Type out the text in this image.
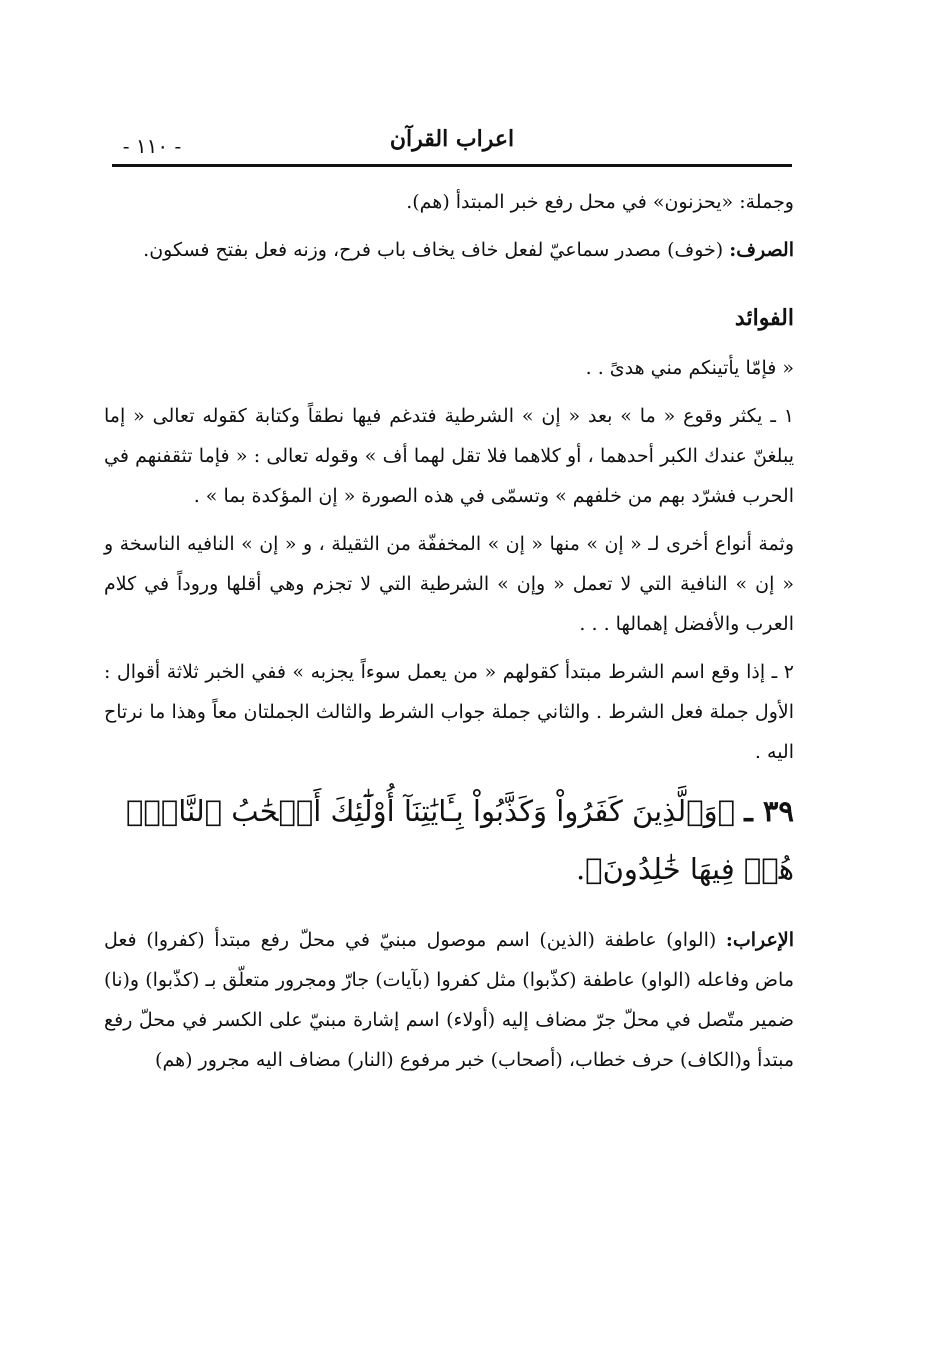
اعراب القرآن
- ١١٠ -

وجملة: «يحزنون» في محل رفع خبر المبتدأ (هم).

الصرف: (خوف) مصدر سماعيّ لفعل خاف يخاف باب فرح، وزنه فعل بفتح فسكون.

الفوائد

« فإمّا يأتينكم مني هدىً . .

١ ـ يكثر وقوع « ما » بعد « إن » الشرطية فتدغم فيها نطقاً وكتابة كقوله تعالى « إما يبلغنّ عندك الكبر أحدهما ، أو كلاهما فلا تقل لهما أف » وقوله تعالى : « فإما تثقفنهم في الحرب فشرّد بهم من خلفهم » وتسمّى في هذه الصورة « إن المؤكدة بما » .

وثمة أنواع أخرى لـ « إن » منها « إن » المخففّة من الثقيلة ، و « إن » النافيه الناسخة و « إن » النافية التي لا تعمل « وإن » الشرطية التي لا تجزم وهي أقلها وروداً في كلام العرب والأفضل إهمالها . . .

٢ ـ إذا وقع اسم الشرط مبتدأ كقولهم « من يعمل سوءاً يجزبه » ففي الخبر ثلاثة أقوال : الأول جملة فعل الشرط . والثاني جملة جواب الشرط والثالث الجملتان معاً وهذا ما نرتاح اليه .

٣٩ ـ ﴿وَٱلَّذِينَ كَفَرُواْ وَكَذَّبُواْ بِـَٔايَٰتِنَآ أُوْلَٰٓئِكَ أَصۡحَٰبُ ٱلنَّارِۖ هُمۡ فِيهَا خَٰلِدُونَ﴾.

الإعراب: (الواو) عاطفة (الذين) اسم موصول مبنيّ في محلّ رفع مبتدأ (كفروا) فعل ماض وفاعله (الواو) عاطفة (كذّبوا) مثل كفروا (بآيات) جارّ ومجرور متعلّق بـ (كذّبوا) و(نا) ضمير متّصل في محلّ جرّ مضاف إليه (أولاء) اسم إشارة مبنيّ على الكسر في محلّ رفع مبتدأ و(الكاف) حرف خطاب، (أصحاب) خبر مرفوع (النار) مضاف اليه مجرور (هم)
